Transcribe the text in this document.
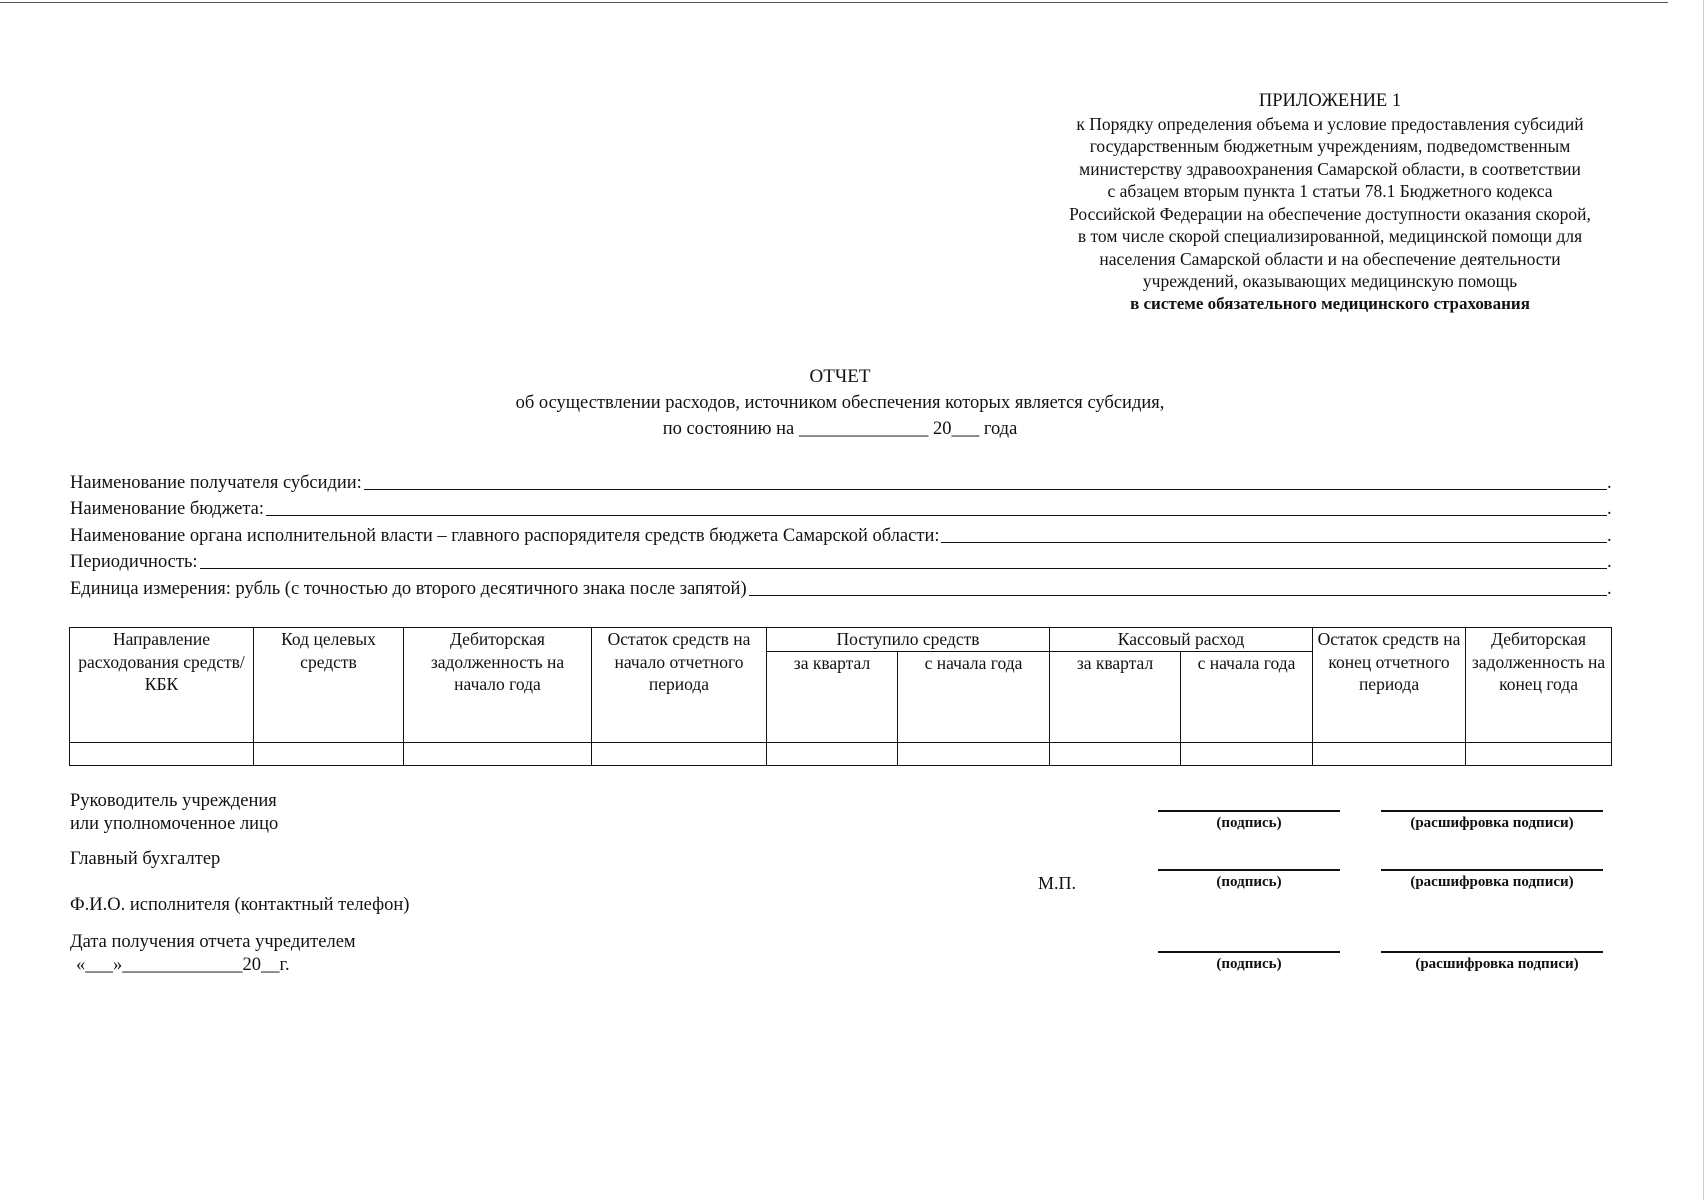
ПРИЛОЖЕНИЕ 1
к Порядку определения объема и условие предоставления субсидий
государственным бюджетным учреждениям, подведомственным
министерству здравоохранения Самарской области, в соответствии
с абзацем вторым пункта 1 статьи 78.1 Бюджетного кодекса
Российской Федерации на обеспечение доступности оказания скорой,
в том числе скорой специализированной, медицинской помощи для
населения Самарской области и на обеспечение деятельности
учреждений, оказывающих медицинскую помощь
в системе обязательного медицинского страхования
ОТЧЕТ
об осуществлении расходов, источником обеспечения которых является субсидия,
по состоянию на ______________ 20___ года
Наименование получателя субсидии:	.
Наименование бюджета:	.
Наименование органа исполнительной власти – главного распорядителя средств бюджета Самарской области:	.
Периодичность:	.
Единица измерения: рубль (с точностью до второго десятичного знака после запятой)	.
Направление расходования средств/КБК	Код целевых средств	Дебиторская задолженность на начало года	Остаток средств на начало отчетного периода	Поступило средств		Кассовый расход		Остаток средств на конец отчетного периода	Дебиторская задолженность на конец года
				за квартал	с начала года	за квартал	с начала года		

Руководитель учреждения
или уполномоченное лицо
Главный бухгалтер
Ф.И.О. исполнителя (контактный телефон)
Дата получения отчета учредителем
«___»_____________20__г.
М.П.
(подпись)	(расшифровка подписи)
(подпись)	(расшифровка подписи)
(подпись)	(расшифровка подписи)
